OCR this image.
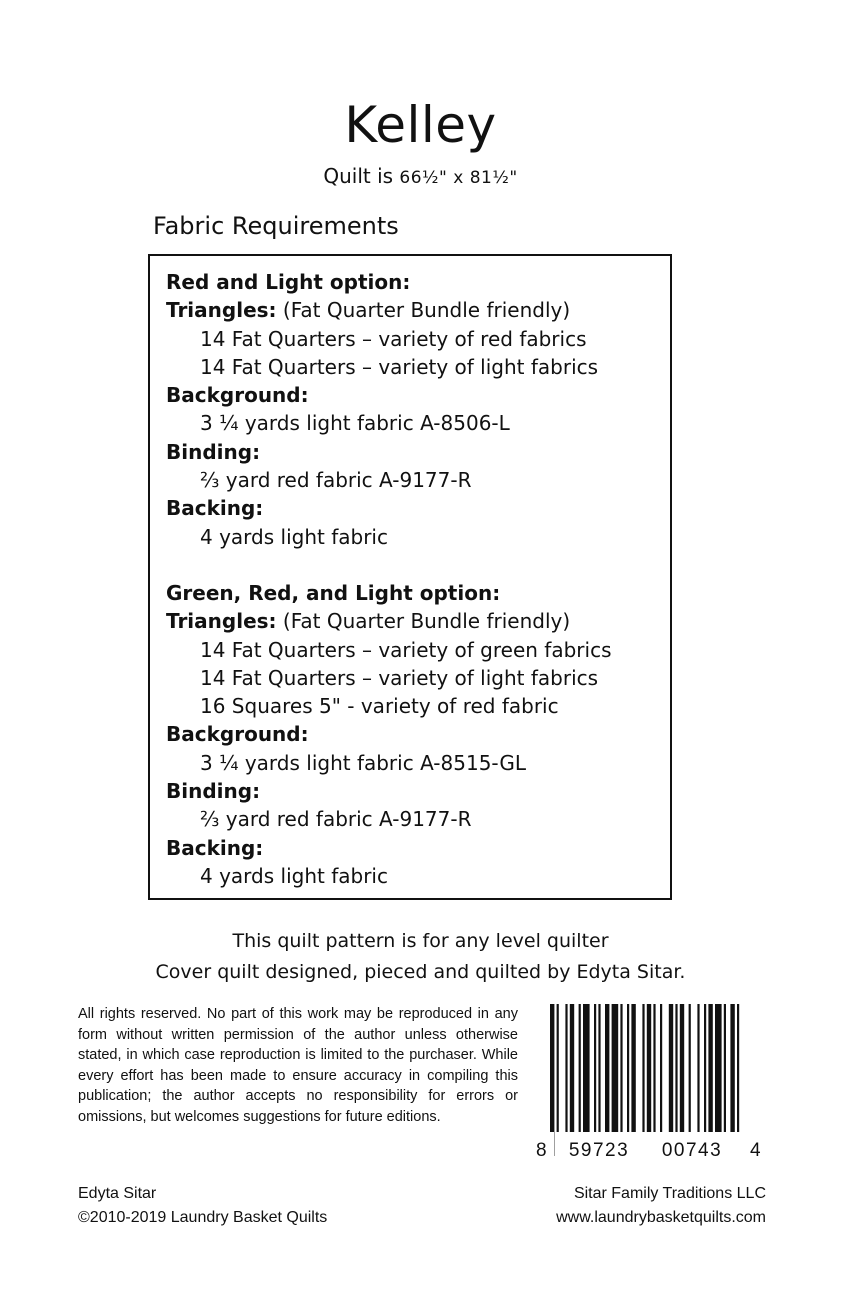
Kelley
Quilt is 66½" x 81½"
Fabric Requirements
Red and Light option:
Triangles: (Fat Quarter Bundle friendly)
14 Fat Quarters – variety of red fabrics
14 Fat Quarters – variety of light fabrics
Background:
3 ¼ yards light fabric A-8506-L
Binding:
⅔ yard red fabric A-9177-R
Backing:
4 yards light fabric
Green, Red, and Light option:
Triangles: (Fat Quarter Bundle friendly)
14 Fat Quarters – variety of green fabrics
14 Fat Quarters – variety of light fabrics
16 Squares 5" - variety of red fabric
Background:
3 ¼ yards light fabric A-8515-GL
Binding:
⅔ yard red fabric A-9177-R
Backing:
4 yards light fabric
This quilt pattern is for any level quilter
Cover quilt designed, pieced and quilted by Edyta Sitar.
All rights reserved. No part of this work may be reproduced in any form without written permission of the author unless otherwise stated, in which case reproduction is limited to the purchaser. While every effort has been made to ensure accuracy in compiling this publication; the author accepts no responsibility for errors or omissions, but welcomes suggestions for future editions.
8 59723 00743 4
Edyta Sitar
©2010-2019 Laundry Basket Quilts
Sitar Family Traditions LLC
www.laundrybasketquilts.com
